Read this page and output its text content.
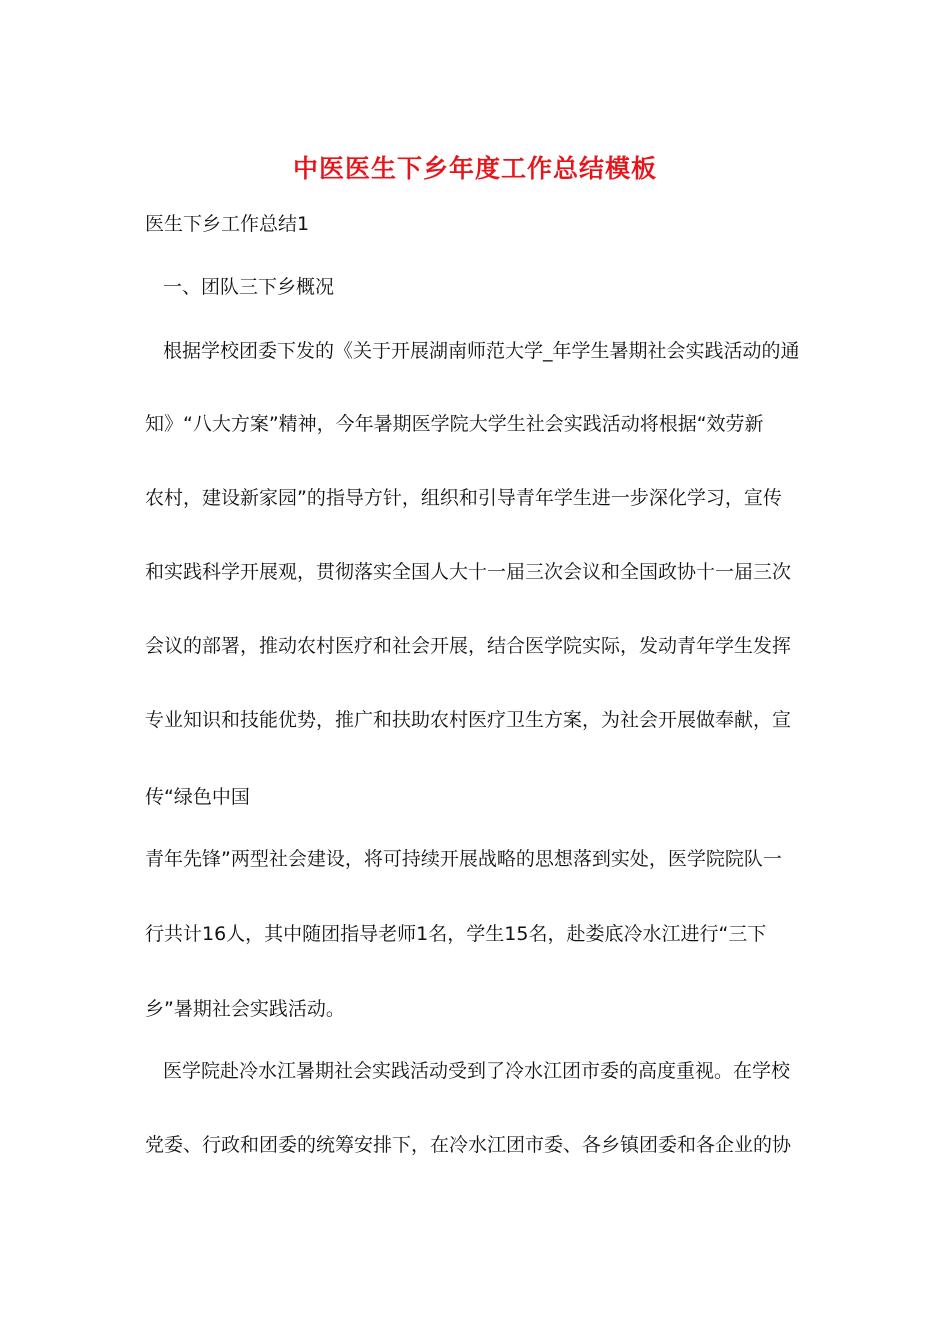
中医医生下乡年度工作总结模板
医生下乡工作总结1
一、团队三下乡概况
根据学校团委下发的《关于开展湖南师范大学_年学生暑期社会实践活动的通
知》“八大方案”精神，今年暑期医学院大学生社会实践活动将根据“效劳新
农村，建设新家园”的指导方针，组织和引导青年学生进一步深化学习，宣传
和实践科学开展观，贯彻落实全国人大十一届三次会议和全国政协十一届三次
会议的部署，推动农村医疗和社会开展，结合医学院实际，发动青年学生发挥
专业知识和技能优势，推广和扶助农村医疗卫生方案，为社会开展做奉献，宣
传“绿色中国
青年先锋”两型社会建设，将可持续开展战略的思想落到实处，医学院院队一
行共计16人，其中随团指导老师1名，学生15名，赴娄底冷水江进行“三下
乡”暑期社会实践活动。
医学院赴冷水江暑期社会实践活动受到了冷水江团市委的高度重视。在学校
党委、行政和团委的统筹安排下，在冷水江团市委、各乡镇团委和各企业的协
